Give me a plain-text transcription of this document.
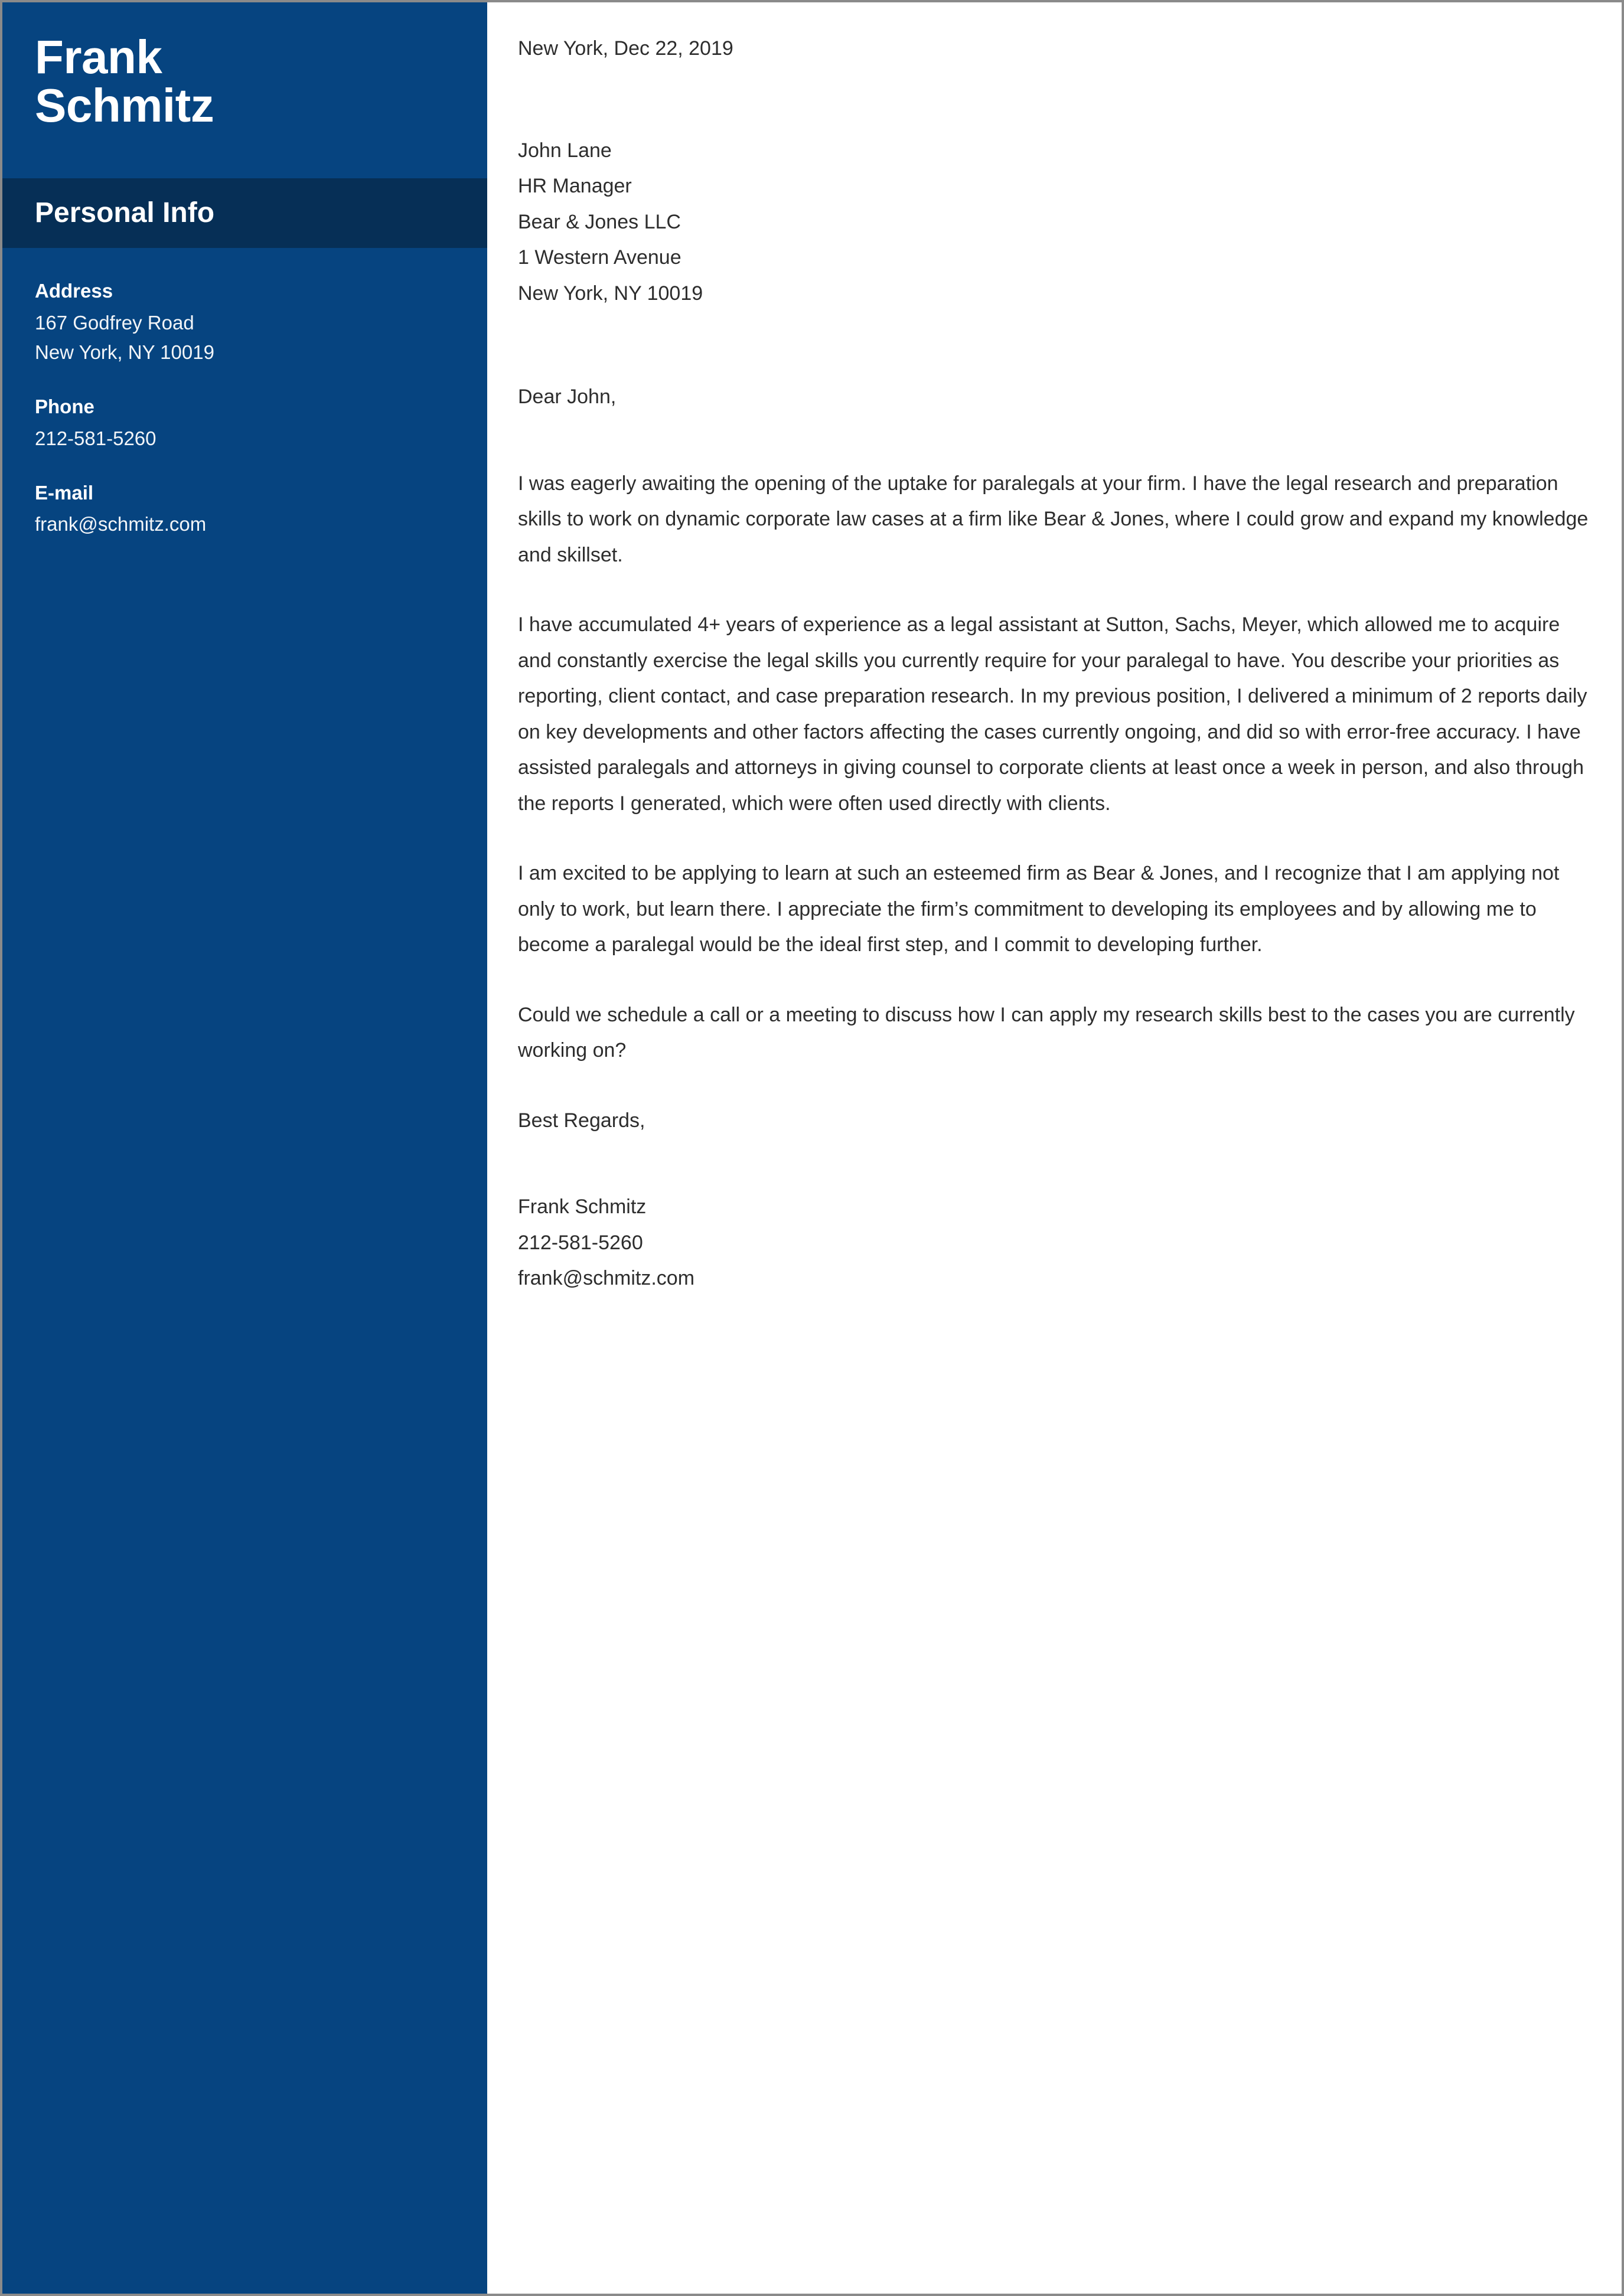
Frank
Schmitz
Personal Info
Address
167 Godfrey Road
New York, NY 10019
Phone
212-581-5260
E-mail
frank@schmitz.com
New York, Dec 22, 2019
John Lane
HR Manager
Bear & Jones LLC
1 Western Avenue
New York, NY 10019
Dear John,

I was eagerly awaiting the opening of the uptake for paralegals at your firm. I have the legal research and preparation skills to work on dynamic corporate law cases at a firm like Bear & Jones, where I could grow and expand my knowledge and skillset.

I have accumulated 4+ years of experience as a legal assistant at Sutton, Sachs, Meyer, which allowed me to acquire and constantly exercise the legal skills you currently require for your paralegal to have. You describe your priorities as reporting, client contact, and case preparation research. In my previous position, I delivered a minimum of 2 reports daily on key developments and other factors affecting the cases currently ongoing, and did so with error-free accuracy. I have assisted paralegals and attorneys in giving counsel to corporate clients at least once a week in person, and also through the reports I generated, which were often used directly with clients.

I am excited to be applying to learn at such an esteemed firm as Bear & Jones, and I recognize that I am applying not only to work, but learn there. I appreciate the firm’s commitment to developing its employees and by allowing me to become a paralegal would be the ideal first step, and I commit to developing further.

Could we schedule a call or a meeting to discuss how I can apply my research skills best to the cases you are currently working on?

Best Regards,
Frank Schmitz
212-581-5260
frank@schmitz.com
